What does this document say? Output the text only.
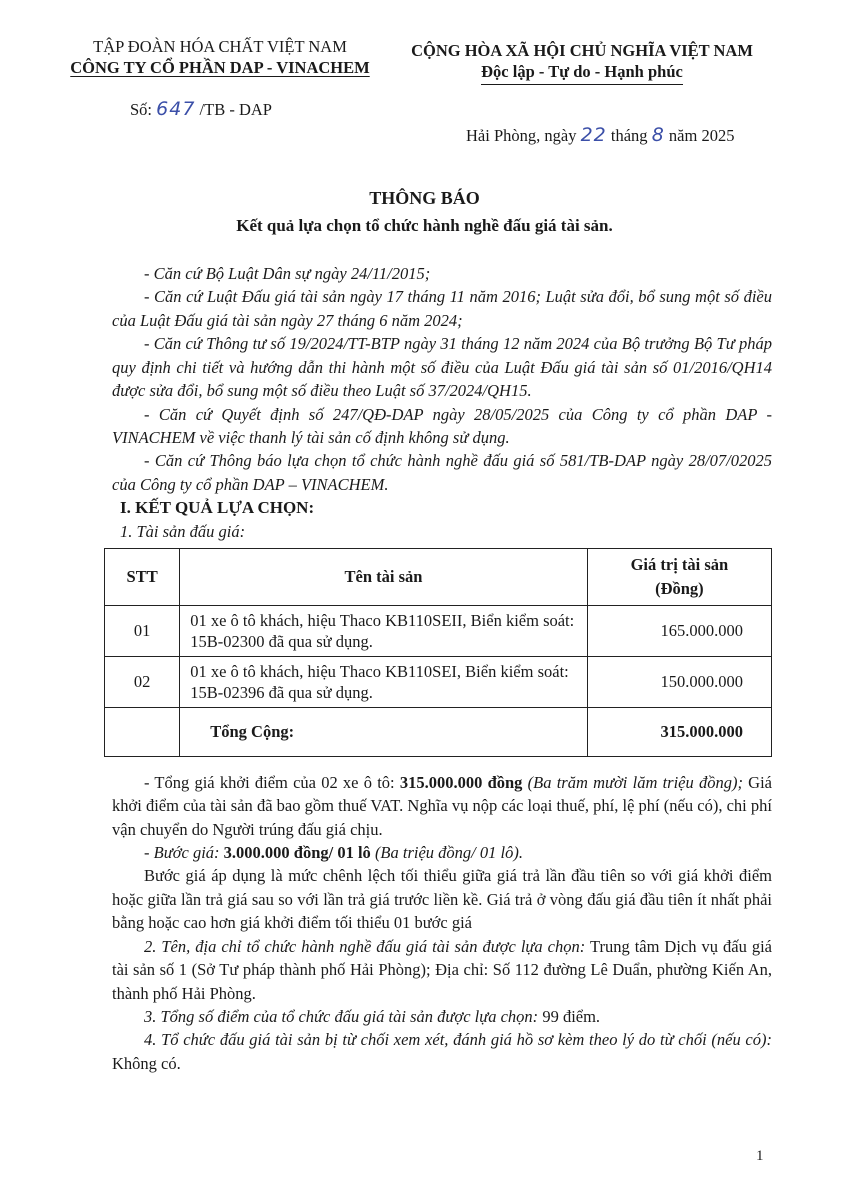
TẬP ĐOÀN HÓA CHẤT VIỆT NAM
CÔNG TY CỔ PHẦN DAP - VINACHEM
CỘNG HÒA XÃ HỘI CHỦ NGHĨA VIỆT NAM
Độc lập - Tự do - Hạnh phúc
Số: 647 /TB - DAP
Hải Phòng, ngày 22 tháng 8 năm 2025
THÔNG BÁO
Kết quả lựa chọn tổ chức hành nghề đấu giá tài sản.

- Căn cứ Bộ Luật Dân sự ngày 24/11/2015;

- Căn cứ Luật Đấu giá tài sản ngày 17 tháng 11 năm 2016; Luật sửa đổi, bổ sung một số điều của Luật Đấu giá tài sản ngày 27 tháng 6 năm 2024;

- Căn cứ Thông tư số 19/2024/TT-BTP ngày 31 tháng 12 năm 2024 của Bộ trưởng Bộ Tư pháp quy định chi tiết và hướng dẫn thi hành một số điều của Luật Đấu giá tài sản số 01/2016/QH14 được sửa đổi, bổ sung một số điều theo Luật số 37/2024/QH15.

- Căn cứ Quyết định số 247/QĐ-DAP ngày 28/05/2025 của Công ty cổ phần DAP - VINACHEM về việc thanh lý tài sản cố định không sử dụng.

- Căn cứ Thông báo lựa chọn tổ chức hành nghề đấu giá số 581/TB-DAP ngày 28/07/02025 của Công ty cổ phần DAP – VINACHEM.

I. KẾT QUẢ LỰA CHỌN:

1. Tài sản đấu giá:

STT	Tên tài sản	Giá trị tài sản
(Đồng)

01	01 xe ô tô khách, hiệu Thaco KB110SEII, Biển kiểm soát: 15B-02300 đã qua sử dụng.	165.000.000
02	01 xe ô tô khách, hiệu Thaco KB110SEI, Biển kiểm soát: 15B-02396 đã qua sử dụng.	150.000.000
	Tổng Cộng:	315.000.000

- Tổng giá khởi điểm của 02 xe ô tô: 315.000.000 đồng (Ba trăm mười lăm triệu đồng); Giá khởi điểm của tài sản đã bao gồm thuế VAT. Nghĩa vụ nộp các loại thuế, phí, lệ phí (nếu có), chi phí vận chuyển do Người trúng đấu giá chịu.

- Bước giá: 3.000.000 đồng/ 01 lô (Ba triệu đồng/ 01 lô).

Bước giá áp dụng là mức chênh lệch tối thiểu giữa giá trả lần đầu tiên so với giá khởi điểm hoặc giữa lần trả giá sau so với lần trả giá trước liền kề. Giá trả ở vòng đấu giá đầu tiên ít nhất phải bằng hoặc cao hơn giá khởi điểm tối thiểu 01 bước giá

2. Tên, địa chỉ tổ chức hành nghề đấu giá tài sản được lựa chọn: Trung tâm Dịch vụ đấu giá tài sản số 1 (Sở Tư pháp thành phố Hải Phòng); Địa chỉ: Số 112 đường Lê Duẩn, phường Kiến An, thành phố Hải Phòng.

3. Tổng số điểm của tổ chức đấu giá tài sản được lựa chọn: 99 điểm.

4. Tổ chức đấu giá tài sản bị từ chối xem xét, đánh giá hồ sơ kèm theo lý do từ chối (nếu có): Không có.

1
